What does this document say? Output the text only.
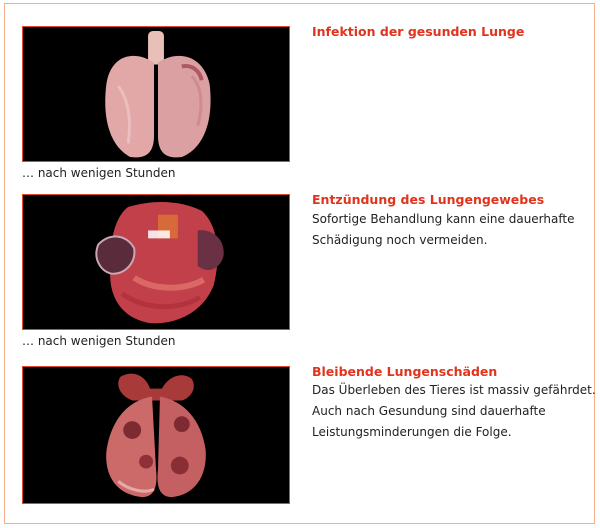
… nach wenigen Stunden
Infektion der gesunden Lunge
… nach wenigen Stunden
Entzündung des Lungengewebes
Sofortige Behandlung kann eine dauerhafte
Schädigung noch vermeiden.
Bleibende Lungenschäden
Das Überleben des Tieres ist massiv gefährdet.
Auch nach Gesundung sind dauerhafte
Leistungsminderungen die Folge.
